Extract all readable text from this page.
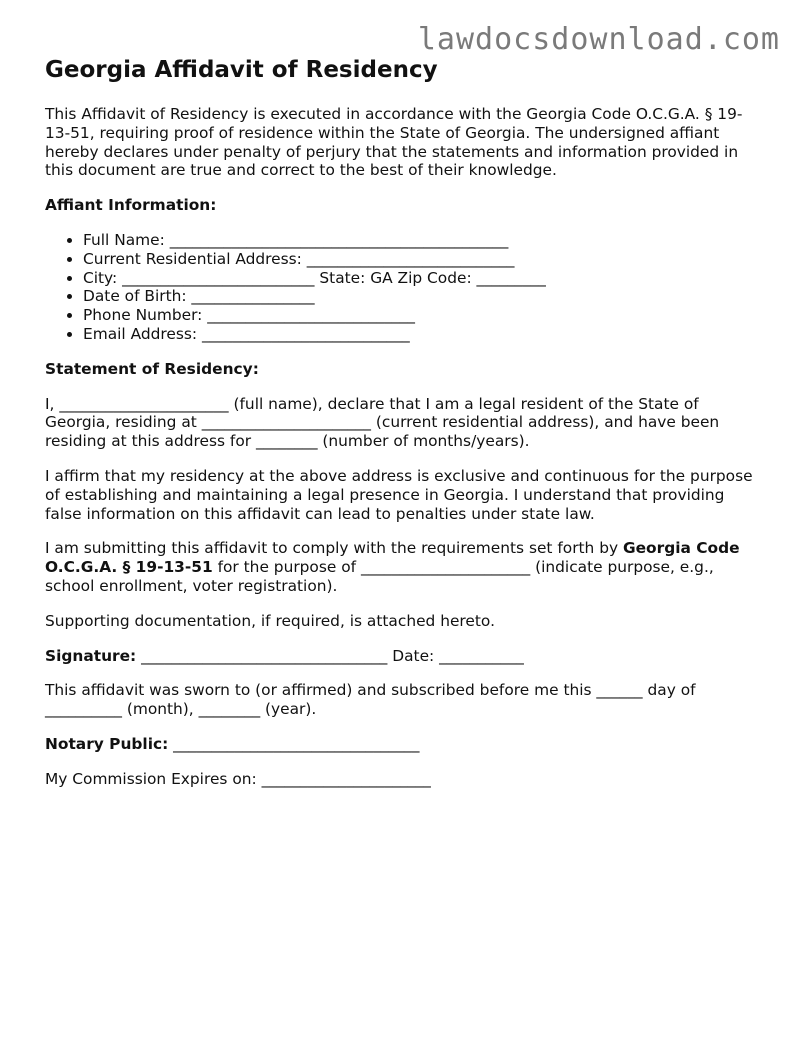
lawdocsdownload.com
Georgia Affidavit of Residency

This Affidavit of Residency is executed in accordance with the Georgia Code O.C.G.A. § 19-13-51, requiring proof of residence within the State of Georgia. The undersigned affiant hereby declares under penalty of perjury that the statements and information provided in this document are true and correct to the best of their knowledge.

Affiant Information:

• Full Name: ____________________________________________
• Current Residential Address: ___________________________
• City: _________________________ State: GA Zip Code: _________
• Date of Birth: ________________
• Phone Number: ___________________________
• Email Address: ___________________________

Statement of Residency:

I, ______________________ (full name), declare that I am a legal resident of the State of Georgia, residing at ______________________ (current residential address), and have been residing at this address for ________ (number of months/years).

I affirm that my residency at the above address is exclusive and continuous for the purpose of establishing and maintaining a legal presence in Georgia. I understand that providing false information on this affidavit can lead to penalties under state law.

I am submitting this affidavit to comply with the requirements set forth by Georgia Code O.C.G.A. § 19-13-51 for the purpose of ______________________ (indicate purpose, e.g., school enrollment, voter registration).

Supporting documentation, if required, is attached hereto.

Signature: ________________________________ Date: ___________

This affidavit was sworn to (or affirmed) and subscribed before me this ______ day of __________ (month), ________ (year).

Notary Public: ________________________________

My Commission Expires on: ______________________
